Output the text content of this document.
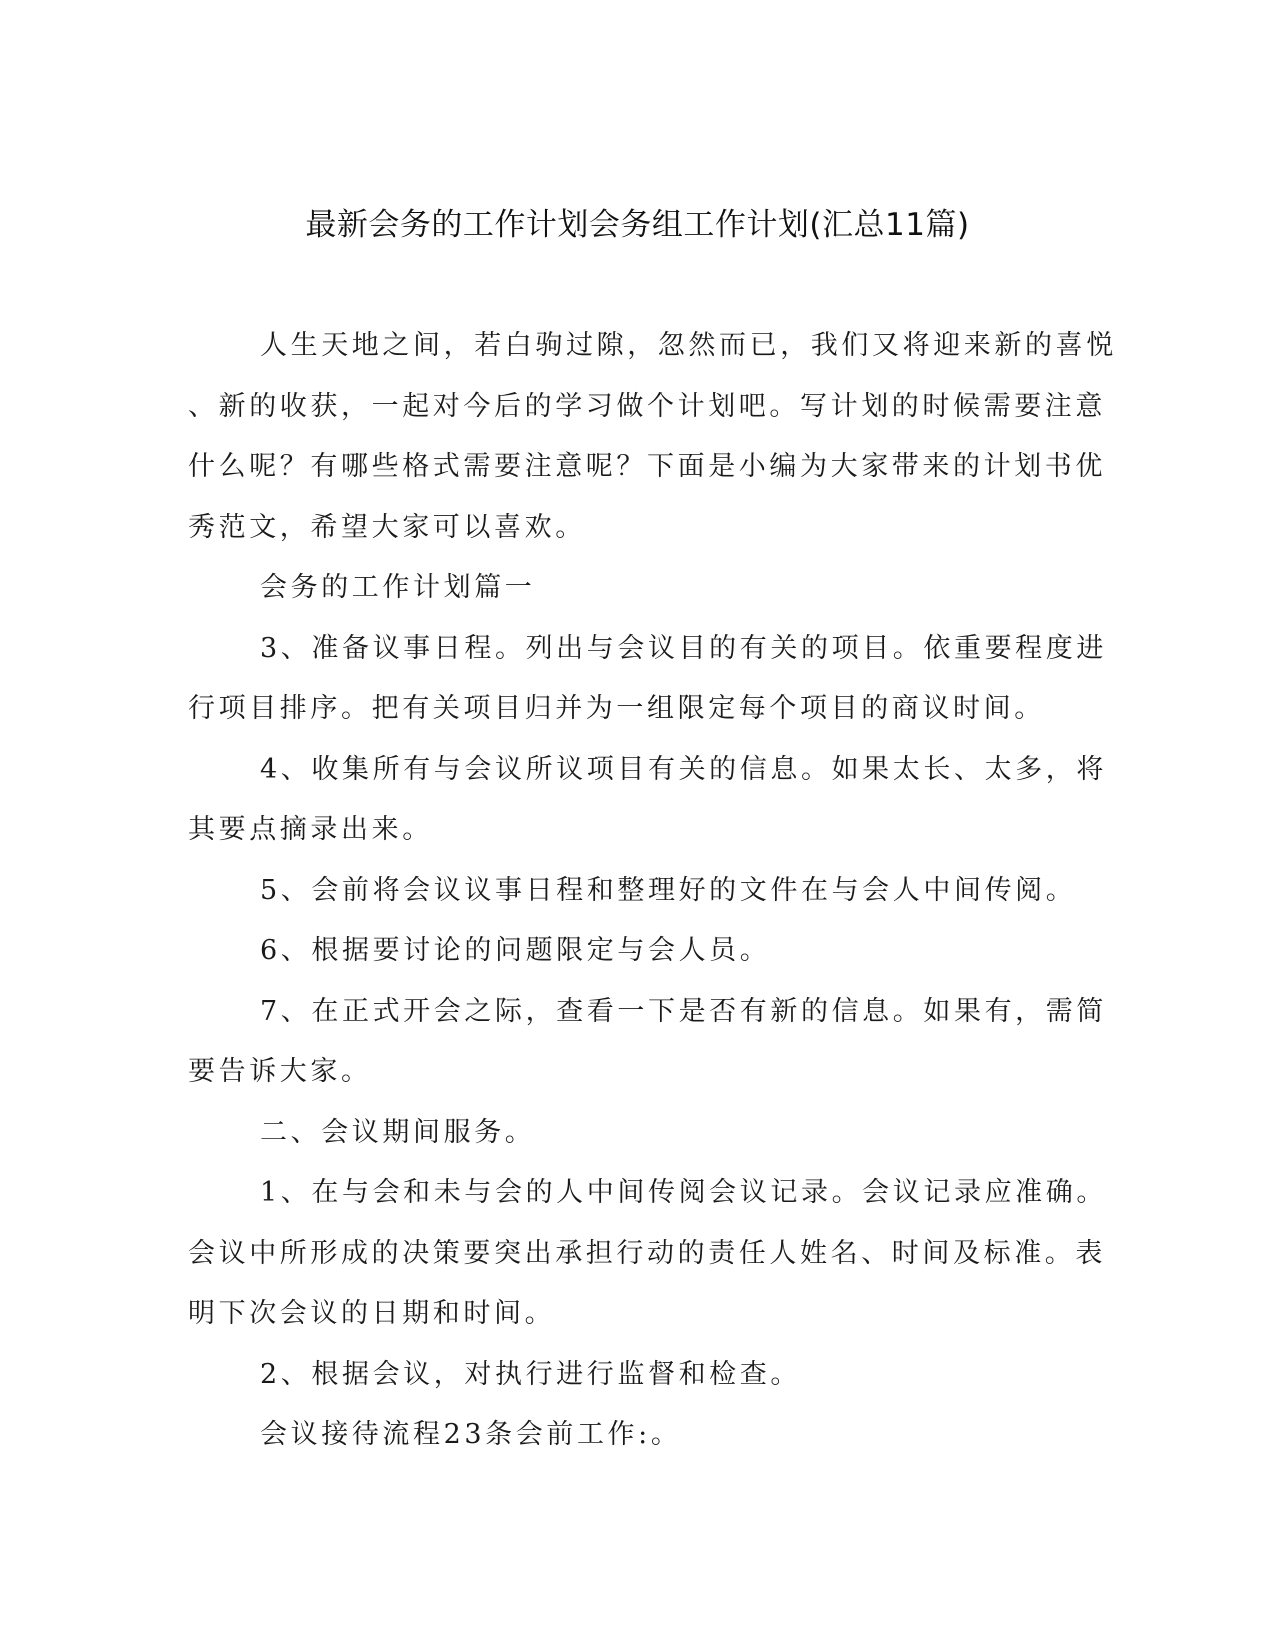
最新会务的工作计划会务组工作计划(汇总11篇)

人生天地之间，若白驹过隙，忽然而已，我们又将迎来新的喜悦

、新的收获，一起对今后的学习做个计划吧。写计划的时候需要注意

什么呢？有哪些格式需要注意呢？下面是小编为大家带来的计划书优

秀范文，希望大家可以喜欢。

会务的工作计划篇一

3、准备议事日程。列出与会议目的有关的项目。依重要程度进

行项目排序。把有关项目归并为一组限定每个项目的商议时间。

4、收集所有与会议所议项目有关的信息。如果太长、太多，将

其要点摘录出来。

5、会前将会议议事日程和整理好的文件在与会人中间传阅。

6、根据要讨论的问题限定与会人员。

7、在正式开会之际，查看一下是否有新的信息。如果有，需简

要告诉大家。

二、会议期间服务。

1、在与会和未与会的人中间传阅会议记录。会议记录应准确。

会议中所形成的决策要突出承担行动的责任人姓名、时间及标准。表

明下次会议的日期和时间。

2、根据会议，对执行进行监督和检查。

会议接待流程23条会前工作:。
